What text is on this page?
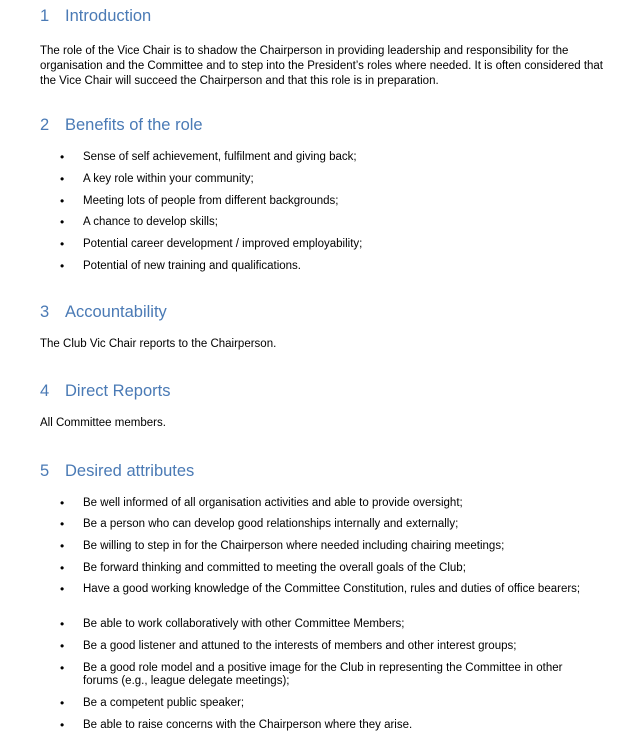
1 Introduction
The role of the Vice Chair is to shadow the Chairperson in providing leadership and responsibility for the organisation and the Committee and to step into the President’s roles where needed. It is often considered that the Vice Chair will succeed the Chairperson and that this role is in preparation.
2 Benefits of the role
• Sense of self achievement, fulfilment and giving back;
• A key role within your community;
• Meeting lots of people from different backgrounds;
• A chance to develop skills;
• Potential career development / improved employability;
• Potential of new training and qualifications.
3 Accountability
The Club Vic Chair reports to the Chairperson.
4 Direct Reports
All Committee members.
5 Desired attributes
• Be well informed of all organisation activities and able to provide oversight;
• Be a person who can develop good relationships internally and externally;
• Be willing to step in for the Chairperson where needed including chairing meetings;
• Be forward thinking and committed to meeting the overall goals of the Club;
• Have a good working knowledge of the Committee Constitution, rules and duties of office bearers;
• Be able to work collaboratively with other Committee Members;
• Be a good listener and attuned to the interests of members and other interest groups;
• Be a good role model and a positive image for the Club in representing the Committee in other forums (e.g., league delegate meetings);
• Be a competent public speaker;
• Be able to raise concerns with the Chairperson where they arise.
